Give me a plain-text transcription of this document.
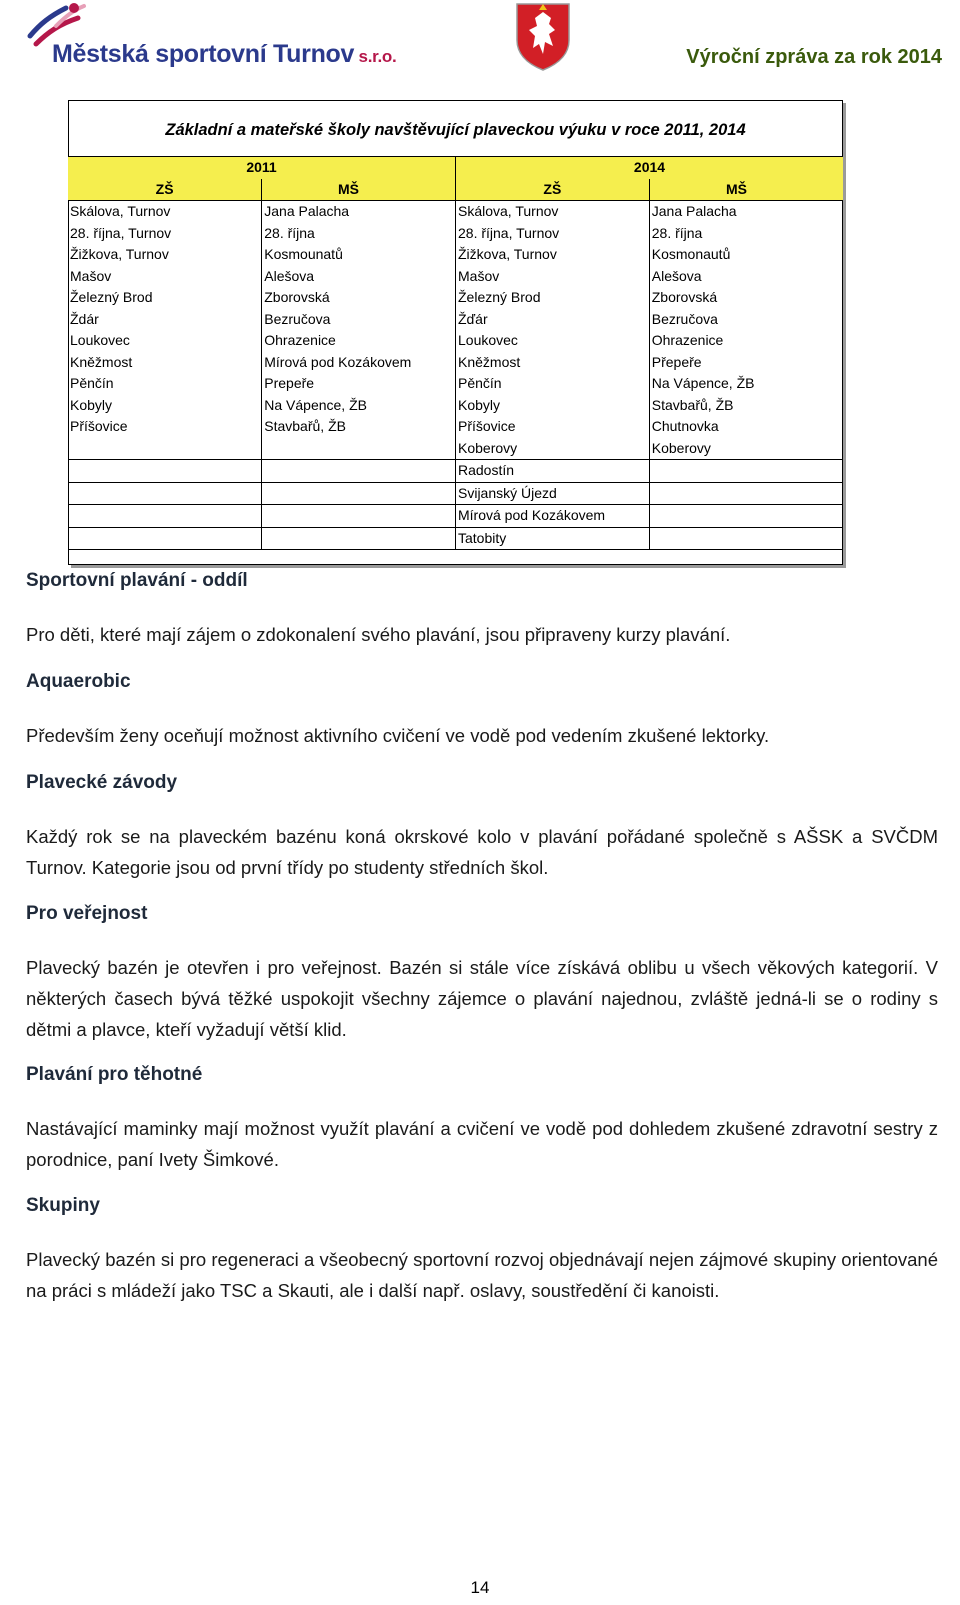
Městská sportovní Turnov s.r.o.	Výroční zpráva za rok 2014
Základní a mateřské školy navštěvující plaveckou výuku v roce 2011, 2014
2011		2014	
ZŠ	MŠ	ZŠ	MŠ
Skálova, Turnov	Jana Palacha	Skálova, Turnov	Jana Palacha
28. října, Turnov	28. října	28. října, Turnov	28. října
Žižkova, Turnov	Kosmounatů	Žižkova, Turnov	Kosmonautů
Mašov	Alešova	Mašov	Alešova
Železný Brod	Zborovská	Železný Brod	Zborovská
Ždár	Bezručova	Žďár	Bezručova
Loukovec	Ohrazenice	Loukovec	Ohrazenice
Kněžmost	Mírová pod Kozákovem	Kněžmost	Přepeře
Pěnčín	Prepeře	Pěnčín	Na Vápence, ŽB
Kobyly	Na Vápence, ŽB	Kobyly	Stavbařů, ŽB
Příšovice	Stavbařů, ŽB	Příšovice	Chutnovka
		Koberovy	Koberovy
		Radostín	
		Svijanský Újezd	
		Mírová pod Kozákovem	
		Tatobity	
Sportovní plavání - oddíl
Pro děti, které mají zájem o zdokonalení svého plavání, jsou připraveny kurzy plavání.
Aquaerobic
Především ženy oceňují možnost aktivního cvičení ve vodě pod vedením zkušené lektorky.
Plavecké závody
Každý rok se na plaveckém bazénu koná okrskové kolo v plavání pořádané společně s AŠSK a SVČDM Turnov. Kategorie jsou od první třídy po studenty středních škol.
Pro veřejnost
Plavecký bazén je otevřen i pro veřejnost. Bazén si stále více získává oblibu u všech věkových kategorií. V některých časech bývá těžké uspokojit všechny zájemce o plavání najednou, zvláště jedná-li se o rodiny s dětmi a plavce, kteří vyžadují větší klid.
Plavání pro těhotné
Nastávající maminky mají možnost využít plavání a cvičení ve vodě pod dohledem zkušené zdravotní sestry z porodnice, paní Ivety Šimkové.
Skupiny
Plavecký bazén si pro regeneraci a všeobecný sportovní rozvoj objednávají nejen zájmové skupiny orientované na práci s mládeží jako TSC a Skauti, ale i další např. oslavy, soustředění či kanoisti.
14
